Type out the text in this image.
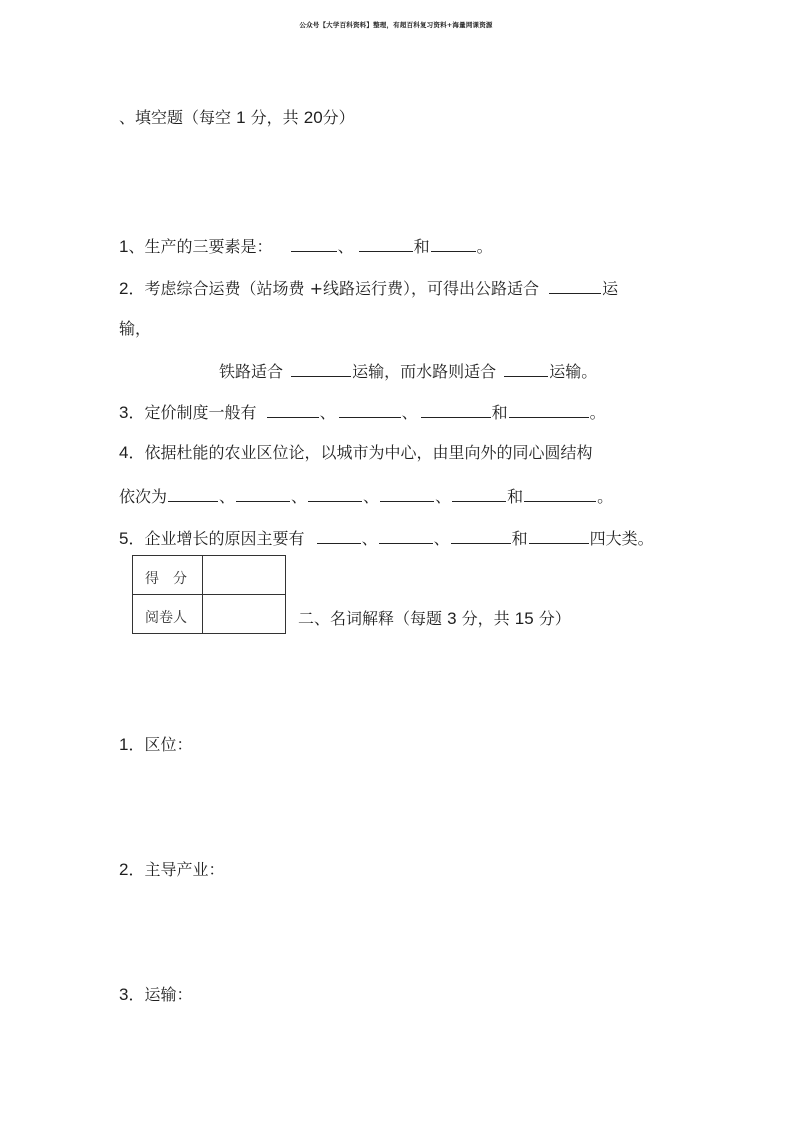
公众号【大学百科资料】整理，有超百科复习资料+海量网课资源
、填空题（每空 1 分，共 20分）
1、生产的三要素是：	、	和	。
2．考虑综合运费（站场费 +线路运行费），可得出公路适合	运
输，
铁路适合	运输，而水路则适合	运输。
3．定价制度一般有	、	、	和	。
4．依据杜能的农业区位论，以城市为中心，由里向外的同心圆结构
依次为	、	、	、	、	和	。
5．企业增长的原因主要有	、	、	和	四大类。
得　分	
阅卷人		二、名词解释（每题 3 分，共 15 分）
1．区位：
2．主导产业：
3．运输：
